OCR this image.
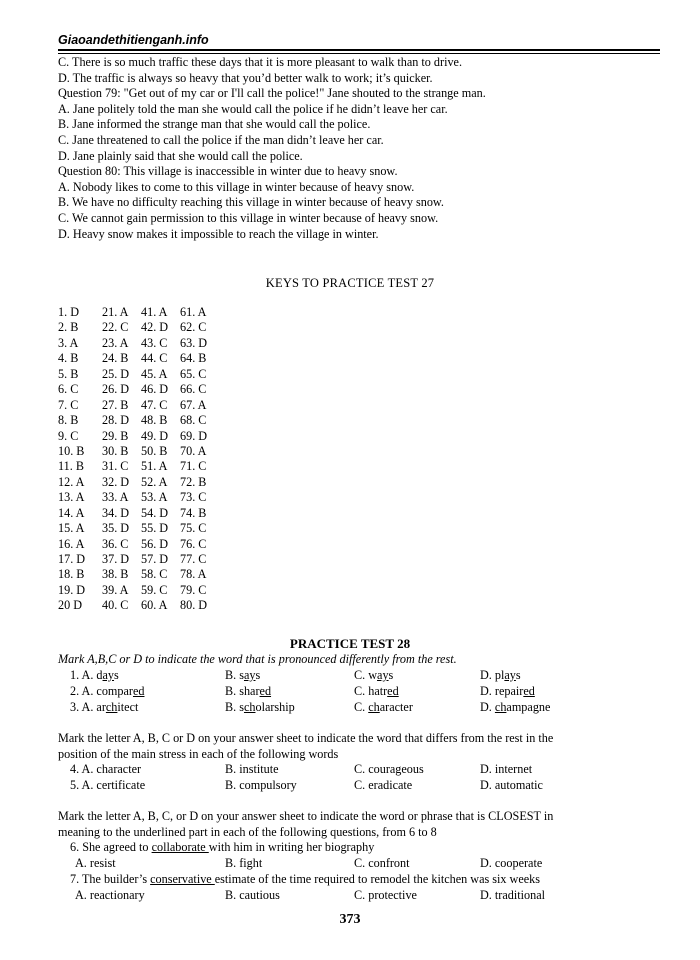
Giaoandethitienganh.info
C. There is so much traffic these days that it is more pleasant to walk than to drive.
D. The traffic is always so heavy that you’d better walk to work; it’s quicker.
Question 79: "Get out of my car or I'll call the police!" Jane shouted to the strange man.
A. Jane politely told the man she would call the police if he didn’t leave her car.
B. Jane informed the strange man that she would call the police.
C. Jane threatened to call the police if the man didn’t leave her car.
D. Jane plainly said that she would call the police.
Question 80: This village is inaccessible in winter due to heavy snow.
A. Nobody likes to come to this village in winter because of heavy snow.
B. We have no difficulty reaching this village in winter because of heavy snow.
C. We cannot gain permission to this village in winter because of heavy snow.
D. Heavy snow makes it impossible to reach the village in winter.
KEYS TO PRACTICE TEST 27
1. D 21. A 41. A 61. A
2. B 22. C 42. D 62. C
3. A 23. A 43. C 63. D
4. B 24. B 44. C 64. B
5. B 25. D 45. A 65. C
6. C 26. D 46. D 66. C
7. C 27. B 47. C 67. A
8. B 28. D 48. B 68. C
9. C 29. B 49. D 69. D
10. B 30. B 50. B 70. A
11. B 31. C 51. A 71. C
12. A 32. D 52. A 72. B
13. A 33. A 53. A 73. C
14. A 34. D 54. D 74. B
15. A 35. D 55. D 75. C
16. A 36. C 56. D 76. C
17. D 37. D 57. D 77. C
18. B 38. B 58. C 78. A
19. D 39. A 59. C 79. C
20 D 40. C 60. A 80. D
PRACTICE TEST 28
Mark A,B,C or D to indicate the word that is pronounced differently from the rest.
1. A. days	B. says	C. ways	D. plays
2. A. compared	B. shared	C. hatred	D. repaired
3. A. architect	B. scholarship	C. character	D. champagne
Mark the letter A, B, C or D on your answer sheet to indicate the word that differs from the rest in the
position of the main stress in each of the following words
4. A. character	B. institute	C. courageous	D. internet
5. A. certificate	B. compulsory	C. eradicate	D. automatic
Mark the letter A, B, C, or D on your answer sheet to indicate the word or phrase that is CLOSEST in
meaning to the underlined part in each of the following questions, from 6 to 8
6. She agreed to collaborate with him in writing her biography
A. resist	B. fight	C. confront	D. cooperate
7. The builder’s conservative estimate of the time required to remodel the kitchen was six weeks
A. reactionary	B. cautious	C. protective	D. traditional
373
